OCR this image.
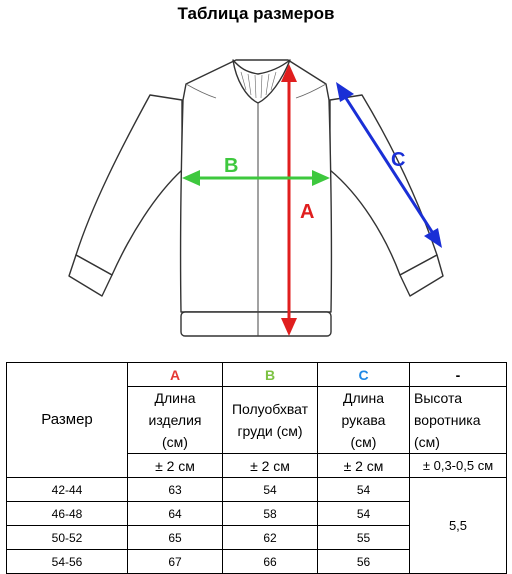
Таблица размеров
A
B	C
Размер	A	B	C	-
	Длина изделия (см)	Полуобхват груди (см)	Длина рукава (см)	Высота воротника (см)
	± 2 см	± 2 см	± 2 см	± 0,3-0,5 см
42-44	63	54	54	5,5
46-48	64	58	54	
50-52	65	62	55	
54-56	67	66	56	
